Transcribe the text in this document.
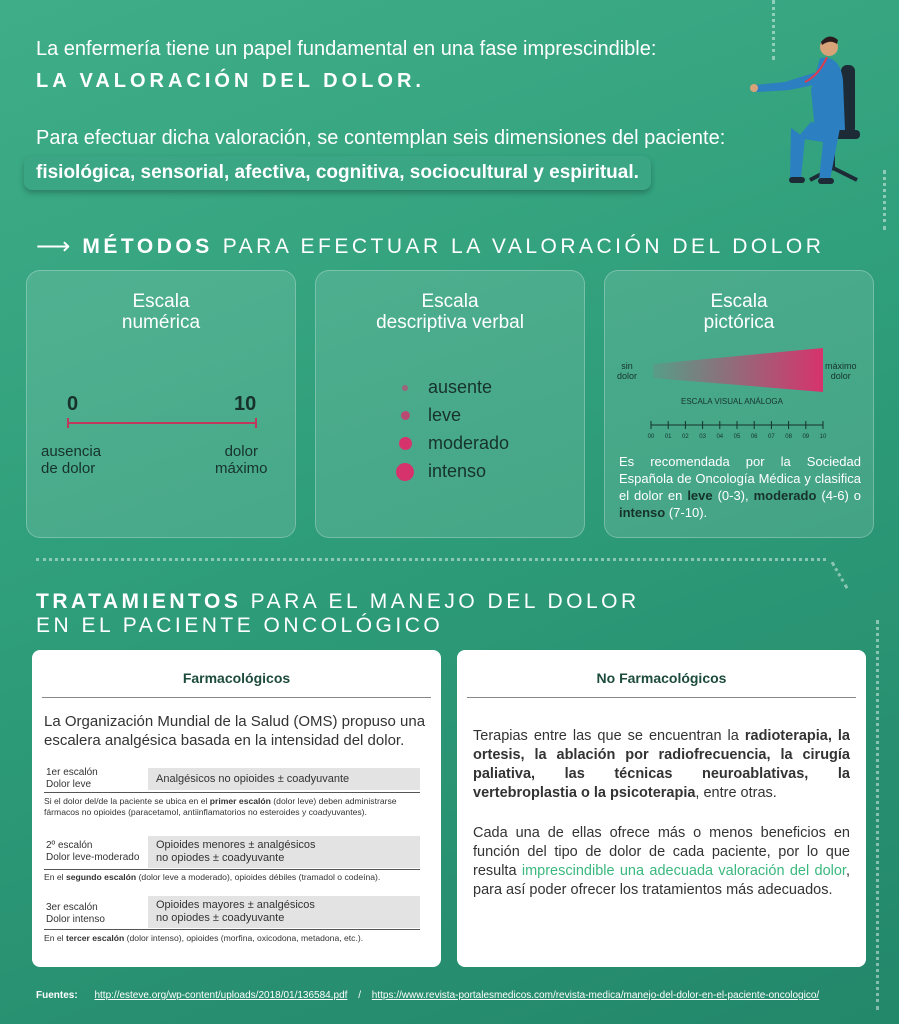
La enfermería tiene un papel fundamental en una fase imprescindible:
LA VALORACIÓN DEL DOLOR.
Para efectuar dicha valoración, se contemplan seis dimensiones del paciente:
fisiológica, sensorial, afectiva, cognitiva, sociocultural y espiritual.
⟶ MÉTODOS PARA EFECTUAR LA VALORACIÓN DEL DOLOR
Escala
numérica
0	10
ausencia
de dolor
dolor
máximo
Escala
descriptiva verbal
ausente
leve
moderado
intenso
Escala
pictórica
sin
dolor
máximo
dolor
ESCALA VISUAL ANÁLOGA
00 01 02 03 04 05 06 07 08 09 10
Es recomendada por la Sociedad Española de Oncología Médica y clasifica el dolor en leve (0-3), moderado (4-6) o intenso (7-10).
TRATAMIENTOS PARA EL MANEJO DEL DOLOR
EN EL PACIENTE ONCOLÓGICO
Farmacológicos
La Organización Mundial de la Salud (OMS) propuso una escalera analgésica basada en la intensidad del dolor.
1er escalón
Dolor leve	Analgésicos no opioides ± coadyuvante
Si el dolor del/de la paciente se ubica en el primer escalón (dolor leve) deben administrarse fármacos no opioides (paracetamol, antiinflamatorios no esteroides y coadyuvantes).
2º escalón
Dolor leve-moderado
Opioides menores ± analgésicos
no opiodes ± coadyuvante
En el segundo escalón (dolor leve a moderado), opioides débiles (tramadol o codeína).
3er escalón
Dolor intenso
Opioides mayores ± analgésicos
no opiodes ± coadyuvante
En el tercer escalón (dolor intenso), opioides (morfina, oxicodona, metadona, etc.).
No Farmacológicos
Terapias entre las que se encuentran la radioterapia, la ortesis, la ablación por radiofrecuencia, la cirugía paliativa, las técnicas neuroablativas, la vertebroplastia o la psicoterapia, entre otras.
Cada una de ellas ofrece más o menos beneficios en función del tipo de dolor de cada paciente, por lo que resulta imprescindible una adecuada valoración del dolor, para así poder ofrecer los tratamientos más adecuados.
Fuentes: http://esteve.org/wp-content/uploads/2018/01/136584.pdf / https://www.revista-portalesmedicos.com/revista-medica/manejo-del-dolor-en-el-paciente-oncologico/
